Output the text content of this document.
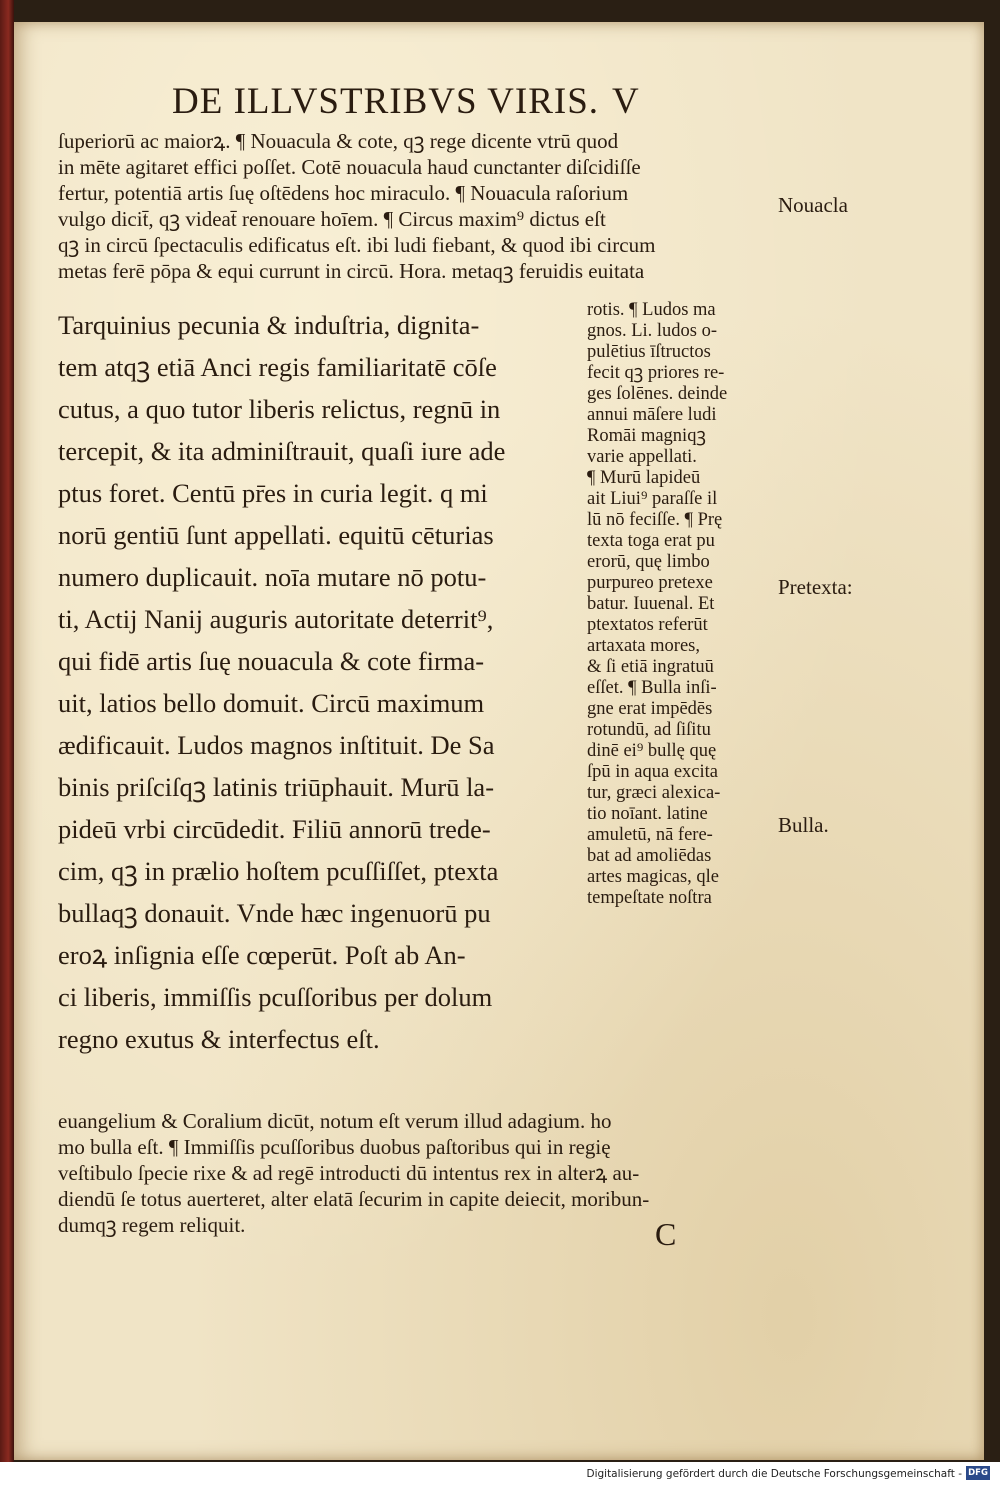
DE ILLVSTRIBVS VIRIS. V
ſuperiorū ac maiorꝝ. ¶ Nouacula & cote, qꝫ rege dicente vtrū quod
in mēte agitaret effici poſſet. Cotē nouacula haud cunctanter diſcidiſſe
fertur, potentiā artis ſuę oſtēdens hoc miraculo. ¶ Nouacula raſorium
vulgo dicit̄, qꝫ videat̄ renouare hoīem. ¶ Circus maxim⁹ dictus eſt
qꝫ in circū ſpectaculis edificatus eſt. ibi ludi fiebant, & quod ibi circum
metas ferē pōpa & equi currunt in circū. Hora. metaqꝫ feruidis euitata
Tarquinius pecunia & induſtria, dignita-
tem atqꝫ etiā Anci regis familiaritatē cōſe
cutus, a quo tutor liberis relictus, regnū in
tercepit, & ita adminiſtrauit, quaſi iure ade
ptus foret. Centū pr̄es in curia legit. q mi
norū gentiū ſunt appellati. equitū cēturias
numero duplicauit. noīa mutare nō potu-
ti, Actij Nanij auguris autoritate deterrit⁹,
qui fidē artis ſuę nouacula & cote firma-
uit, latios bello domuit. Circū maximum
ædificauit. Ludos magnos inſtituit. De Sa
binis priſciſqꝫ latinis triūphauit. Murū la-
pideū vrbi circūdedit. Filiū annorū trede-
cim, qꝫ in prælio hoſtem pcuſſiſſet, ptexta
bullaqꝫ donauit. Vnde hæc ingenuorū pu
eroꝝ inſignia eſſe cœperūt. Poſt ab An-
ci liberis, immiſſis pcuſſoribus per dolum
regno exutus & interfectus eſt.
rotis. ¶ Ludos ma
gnos. Li. ludos o-
pulētius īſtructos
fecit qꝫ priores re-
ges ſolēnes. deinde
annui māſere ludi
Romāi magniqꝫ
varie appellati.
¶ Murū lapideū
ait Liui⁹ paraſſe il
lū nō feciſſe. ¶ Prę
texta toga erat pu
erorū, quę limbo
purpureo pretexe
batur. Iuuenal. Et
ptextatos referūt
artaxata mores,
& ſi etiā ingratuū
eſſet. ¶ Bulla inſi-
gne erat impēdēs
rotundū, ad ſiſitu
dinē ei⁹ bullę quę
ſpū in aqua excita
tur, græci alexica-
tio noīant. latine
amuletū, nā fere-
bat ad amoliēdas
artes magicas, qle
tempeſtate noſtra
Nouacla
Pretexta:
Bulla.
euangelium & Coralium dicūt, notum eſt verum illud adagium. ho
mo bulla eſt. ¶ Immiſſis pcuſſoribus duobus paſtoribus qui in regię
veſtibulo ſpecie rixe & ad regē introducti dū intentus rex in alterꝝ au-
diendū ſe totus auerteret, alter elatā ſecurim in capite deiecit, moribun-
dumqꝫ regem reliquit.	C
Digitalisierung gefördert durch die Deutsche Forschungsgemeinschaft - DFG
